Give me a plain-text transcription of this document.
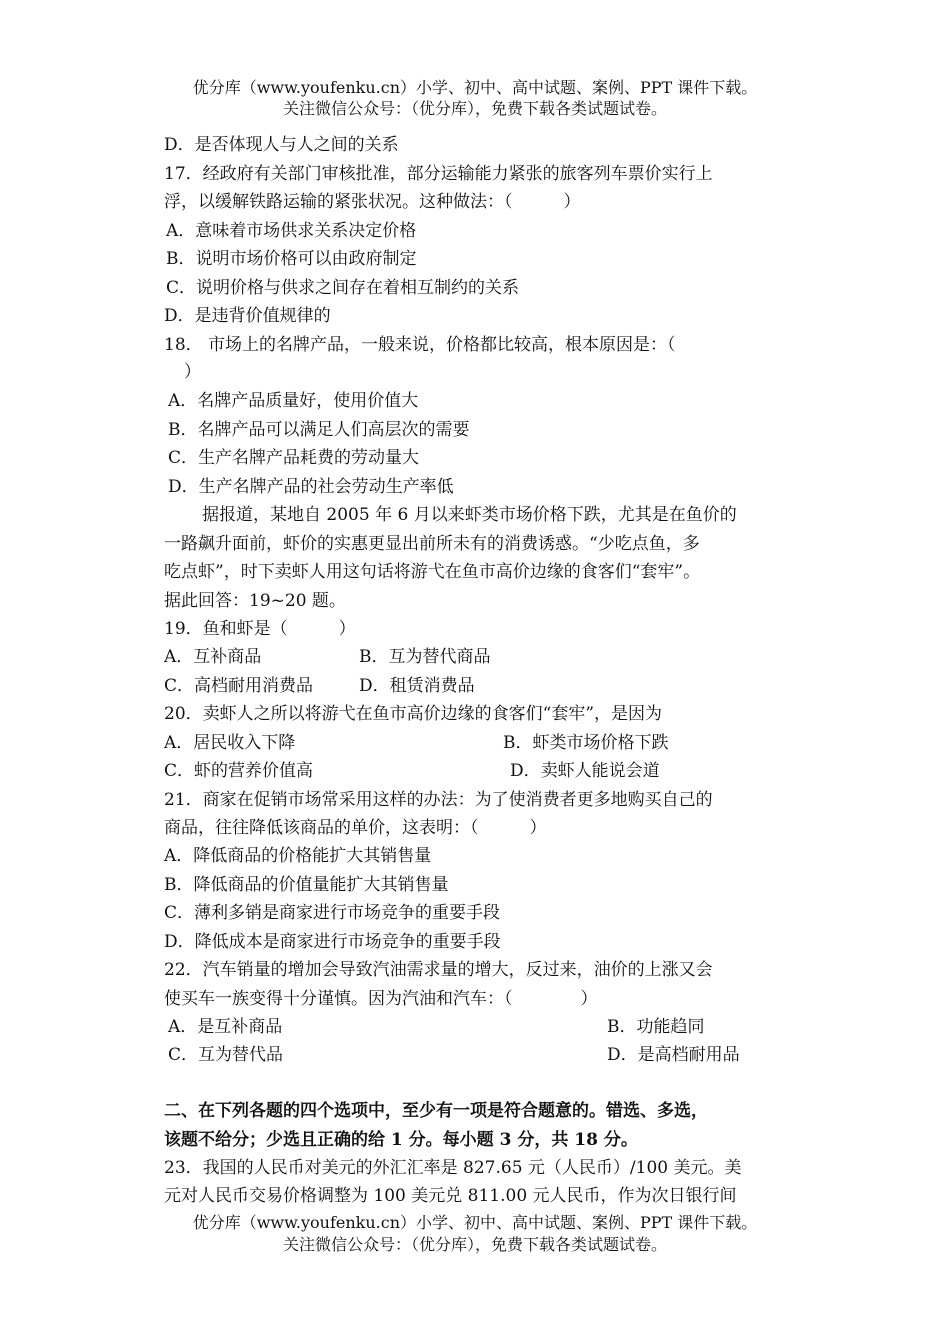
优分库（www.youfenku.cn）小学、初中、高中试题、案例、PPT 课件下载。
关注微信公众号：（优分库），免费下载各类试题试卷。
D．是否体现人与人之间的关系
17．经政府有关部门审核批准，部分运输能力紧张的旅客列车票价实行上
浮，以缓解铁路运输的紧张状况。这种做法：（　　　）
A．意味着市场供求关系决定价格
B．说明市场价格可以由政府制定
C．说明价格与供求之间存在着相互制约的关系
D．是违背价值规律的
18． 市场上的名牌产品，一般来说，价格都比较高，根本原因是：（
）
A．名牌产品质量好，使用价值大
B．名牌产品可以满足人们高层次的需要
C．生产名牌产品耗费的劳动量大
D．生产名牌产品的社会劳动生产率低
据报道，某地自 2005 年 6 月以来虾类市场价格下跌，尤其是在鱼价的
一路飙升面前，虾价的实惠更显出前所未有的消费诱惑。“少吃点鱼，多
吃点虾”，时下卖虾人用这句话将游弋在鱼市高价边缘的食客们“套牢”。
据此回答：19~20 题。
19．鱼和虾是（　　　）
A．互补商品	B．互为替代商品
C．高档耐用消费品	D．租赁消费品
20．卖虾人之所以将游弋在鱼市高价边缘的食客们“套牢”，是因为
A．居民收入下降	B．虾类市场价格下跌
C．虾的营养价值高	D．卖虾人能说会道
21．商家在促销市场常采用这样的办法：为了使消费者更多地购买自己的
商品，往往降低该商品的单价，这表明：（　　　）
A．降低商品的价格能扩大其销售量
B．降低商品的价值量能扩大其销售量
C．薄利多销是商家进行市场竞争的重要手段
D．降低成本是商家进行市场竞争的重要手段
22．汽车销量的增加会导致汽油需求量的增大，反过来，油价的上涨又会
使买车一族变得十分谨慎。因为汽油和汽车：（　　　　）
A．是互补商品	B．功能趋同
C．互为替代品	D．是高档耐用品
二、在下列各题的四个选项中，至少有一项是符合题意的。错选、多选，
该题不给分；少选且正确的给 1 分。每小题 3 分，共 18 分。
23．我国的人民币对美元的外汇汇率是 827.65 元（人民币）/100 美元。美
元对人民币交易价格调整为 100 美元兑 811.00 元人民币，作为次日银行间
优分库（www.youfenku.cn）小学、初中、高中试题、案例、PPT 课件下载。
关注微信公众号：（优分库），免费下载各类试题试卷。
